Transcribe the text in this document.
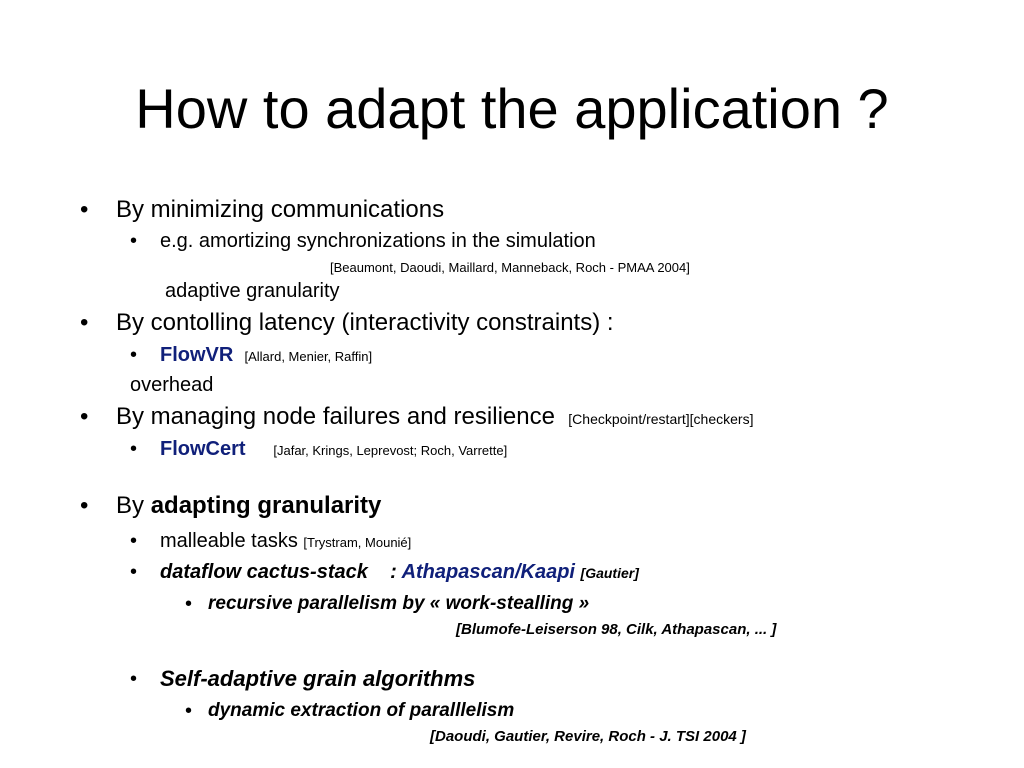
How to adapt the application ?
• By minimizing communications
• e.g. amortizing synchronizations in the simulation
[Beaumont, Daoudi, Maillard, Manneback, Roch - PMAA 2004]
adaptive granularity
• By contolling latency (interactivity constraints) :
• FlowVR [Allard, Menier, Raffin]
overhead
• By managing node failures and resilience [Checkpoint/restart][checkers]
• FlowCert [Jafar, Krings, Leprevost; Roch, Varrette]
• By adapting granularity
• malleable tasks [Trystram, Mounié]
• dataflow cactus-stack : Athapascan/Kaapi [Gautier]
• recursive parallelism by « work-stealling »
[Blumofe-Leiserson 98, Cilk, Athapascan, ... ]
• Self-adaptive grain algorithms
• dynamic extraction of paralllelism
[Daoudi, Gautier, Revire, Roch - J. TSI 2004 ]
